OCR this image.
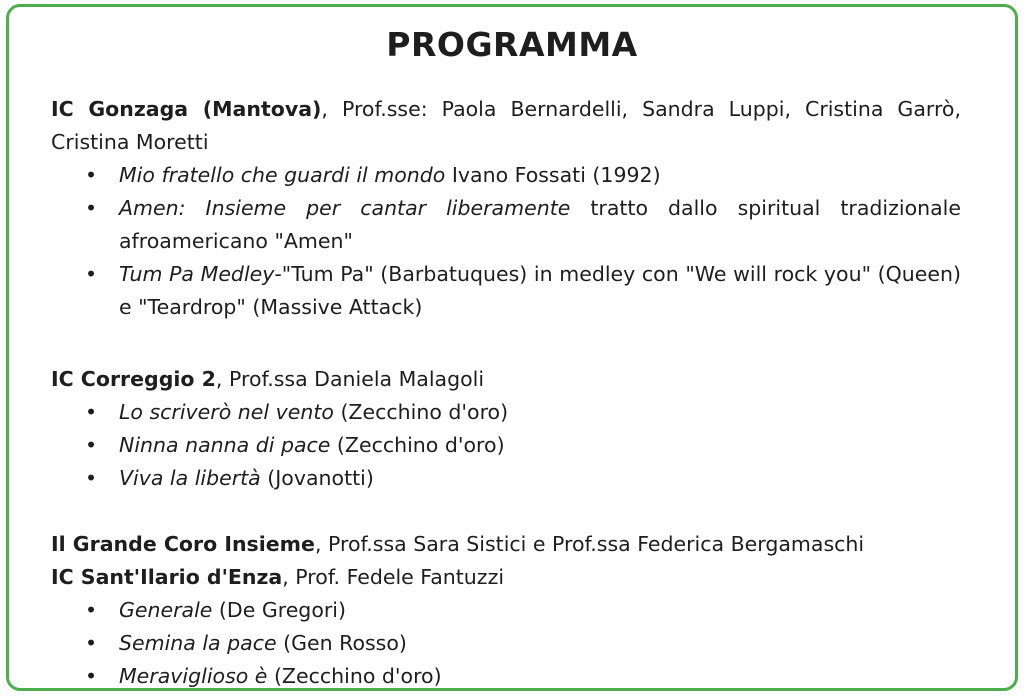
PROGRAMMA
IC Gonzaga (Mantova), Prof.sse: Paola Bernardelli, Sandra Luppi, Cristina Garrò, Cristina Moretti
• Mio fratello che guardi il mondo Ivano Fossati (1992)
• Amen: Insieme per cantar liberamente tratto dallo spiritual tradizionale afroamericano "Amen"
• Tum Pa Medley-"Tum Pa" (Barbatuques) in medley con "We will rock you" (Queen) e "Teardrop" (Massive Attack)
IC Correggio 2, Prof.ssa Daniela Malagoli
• Lo scriverò nel vento (Zecchino d'oro)
• Ninna nanna di pace (Zecchino d'oro)
• Viva la libertà (Jovanotti)
Il Grande Coro Insieme, Prof.ssa Sara Sistici e Prof.ssa Federica Bergamaschi
IC Sant'Ilario d'Enza, Prof. Fedele Fantuzzi
• Generale (De Gregori)
• Semina la pace (Gen Rosso)
• Meraviglioso è (Zecchino d'oro)
